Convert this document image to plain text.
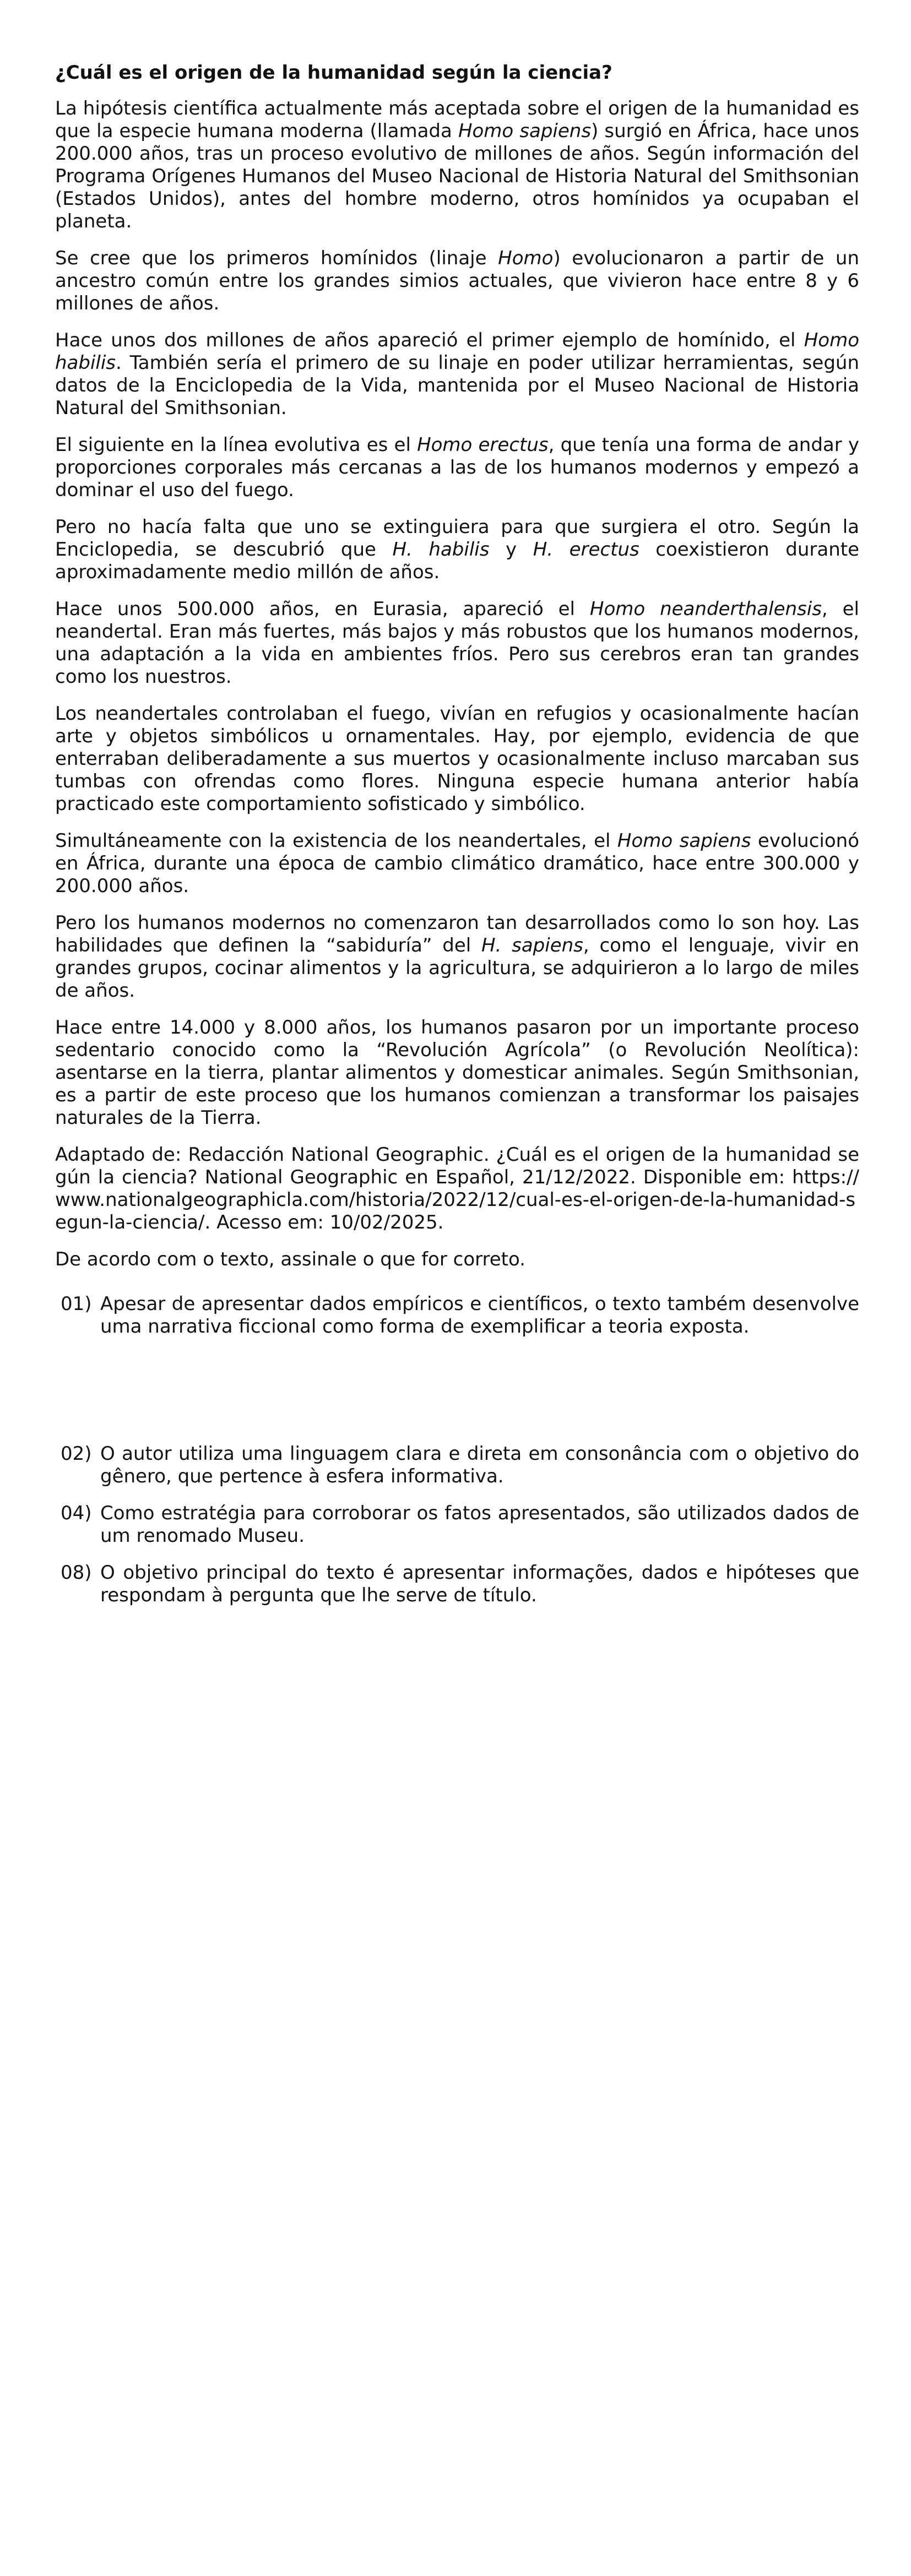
¿Cuál es el origen de la humanidad según la ciencia?

La hipótesis científica actualmente más aceptada sobre el origen de la humanidad es que la especie humana moderna (llamada Homo sapiens) surgió en África, hace unos 200.000 años, tras un proceso evolutivo de millones de años. Según información del Programa Orígenes Humanos del Museo Nacional de Historia Natural del Smithsonian (Estados Unidos), antes del hombre moderno, otros homínidos ya ocupaban el planeta.

Se cree que los primeros homínidos (linaje Homo) evolucionaron a partir de un ancestro común entre los grandes simios actuales, que vivieron hace entre 8 y 6 millones de años.

Hace unos dos millones de años apareció el primer ejemplo de homínido, el Homo habilis. También sería el primero de su linaje en poder utilizar herramientas, según datos de la Enciclopedia de la Vida, mantenida por el Museo Nacional de Historia Natural del Smithsonian.

El siguiente en la línea evolutiva es el Homo erectus, que tenía una forma de andar y proporciones corporales más cercanas a las de los humanos modernos y empezó a dominar el uso del fuego.

Pero no hacía falta que uno se extinguiera para que surgiera el otro. Según la Enciclopedia, se descubrió que H. habilis y H. erectus coexistieron durante aproximadamente medio millón de años.

Hace unos 500.000 años, en Eurasia, apareció el Homo neanderthalensis, el neandertal. Eran más fuertes, más bajos y más robustos que los humanos modernos, una adaptación a la vida en ambientes fríos. Pero sus cerebros eran tan grandes como los nuestros.

Los neandertales controlaban el fuego, vivían en refugios y ocasionalmente hacían arte y objetos simbólicos u ornamentales. Hay, por ejemplo, evidencia de que enterraban deliberadamente a sus muertos y ocasionalmente incluso marcaban sus tumbas con ofrendas como flores. Ninguna especie humana anterior había practicado este comportamiento sofisticado y simbólico.

Simultáneamente con la existencia de los neandertales, el Homo sapiens evolucionó en África, durante una época de cambio climático dramático, hace entre 300.000 y 200.000 años.

Pero los humanos modernos no comenzaron tan desarrollados como lo son hoy. Las habilidades que definen la “sabiduría” del H. sapiens, como el lenguaje, vivir en grandes grupos, cocinar alimentos y la agricultura, se adquirieron a lo largo de miles de años.

Hace entre 14.000 y 8.000 años, los humanos pasaron por un importante proceso sedentario conocido como la “Revolución Agrícola” (o Revolución Neolítica): asentarse en la tierra, plantar alimentos y domesticar animales. Según Smithsonian, es a partir de este proceso que los humanos comienzan a transformar los paisajes naturales de la Tierra.

Adaptado de: Redacción National Geographic. ¿Cuál es el origen de la humanidad según la ciencia? National Geographic en Español, 21/12/2022. Disponible em: https://www.nationalgeographicla.com/historia/2022/12/cual-es-el-origen-de-la-humanidad-segun-la-ciencia/. Acesso em: 10/02/2025.

De acordo com o texto, assinale o que for correto.

01) Apesar de apresentar dados empíricos e científicos, o texto também desenvolve uma narrativa ficcional como forma de exemplificar a teoria exposta.
02) O autor utiliza uma linguagem clara e direta em consonância com o objetivo do gênero, que pertence à esfera informativa.
04) Como estratégia para corroborar os fatos apresentados, são utilizados dados de um renomado Museu.
08) O objetivo principal do texto é apresentar informações, dados e hipóteses que respondam à pergunta que lhe serve de título.
